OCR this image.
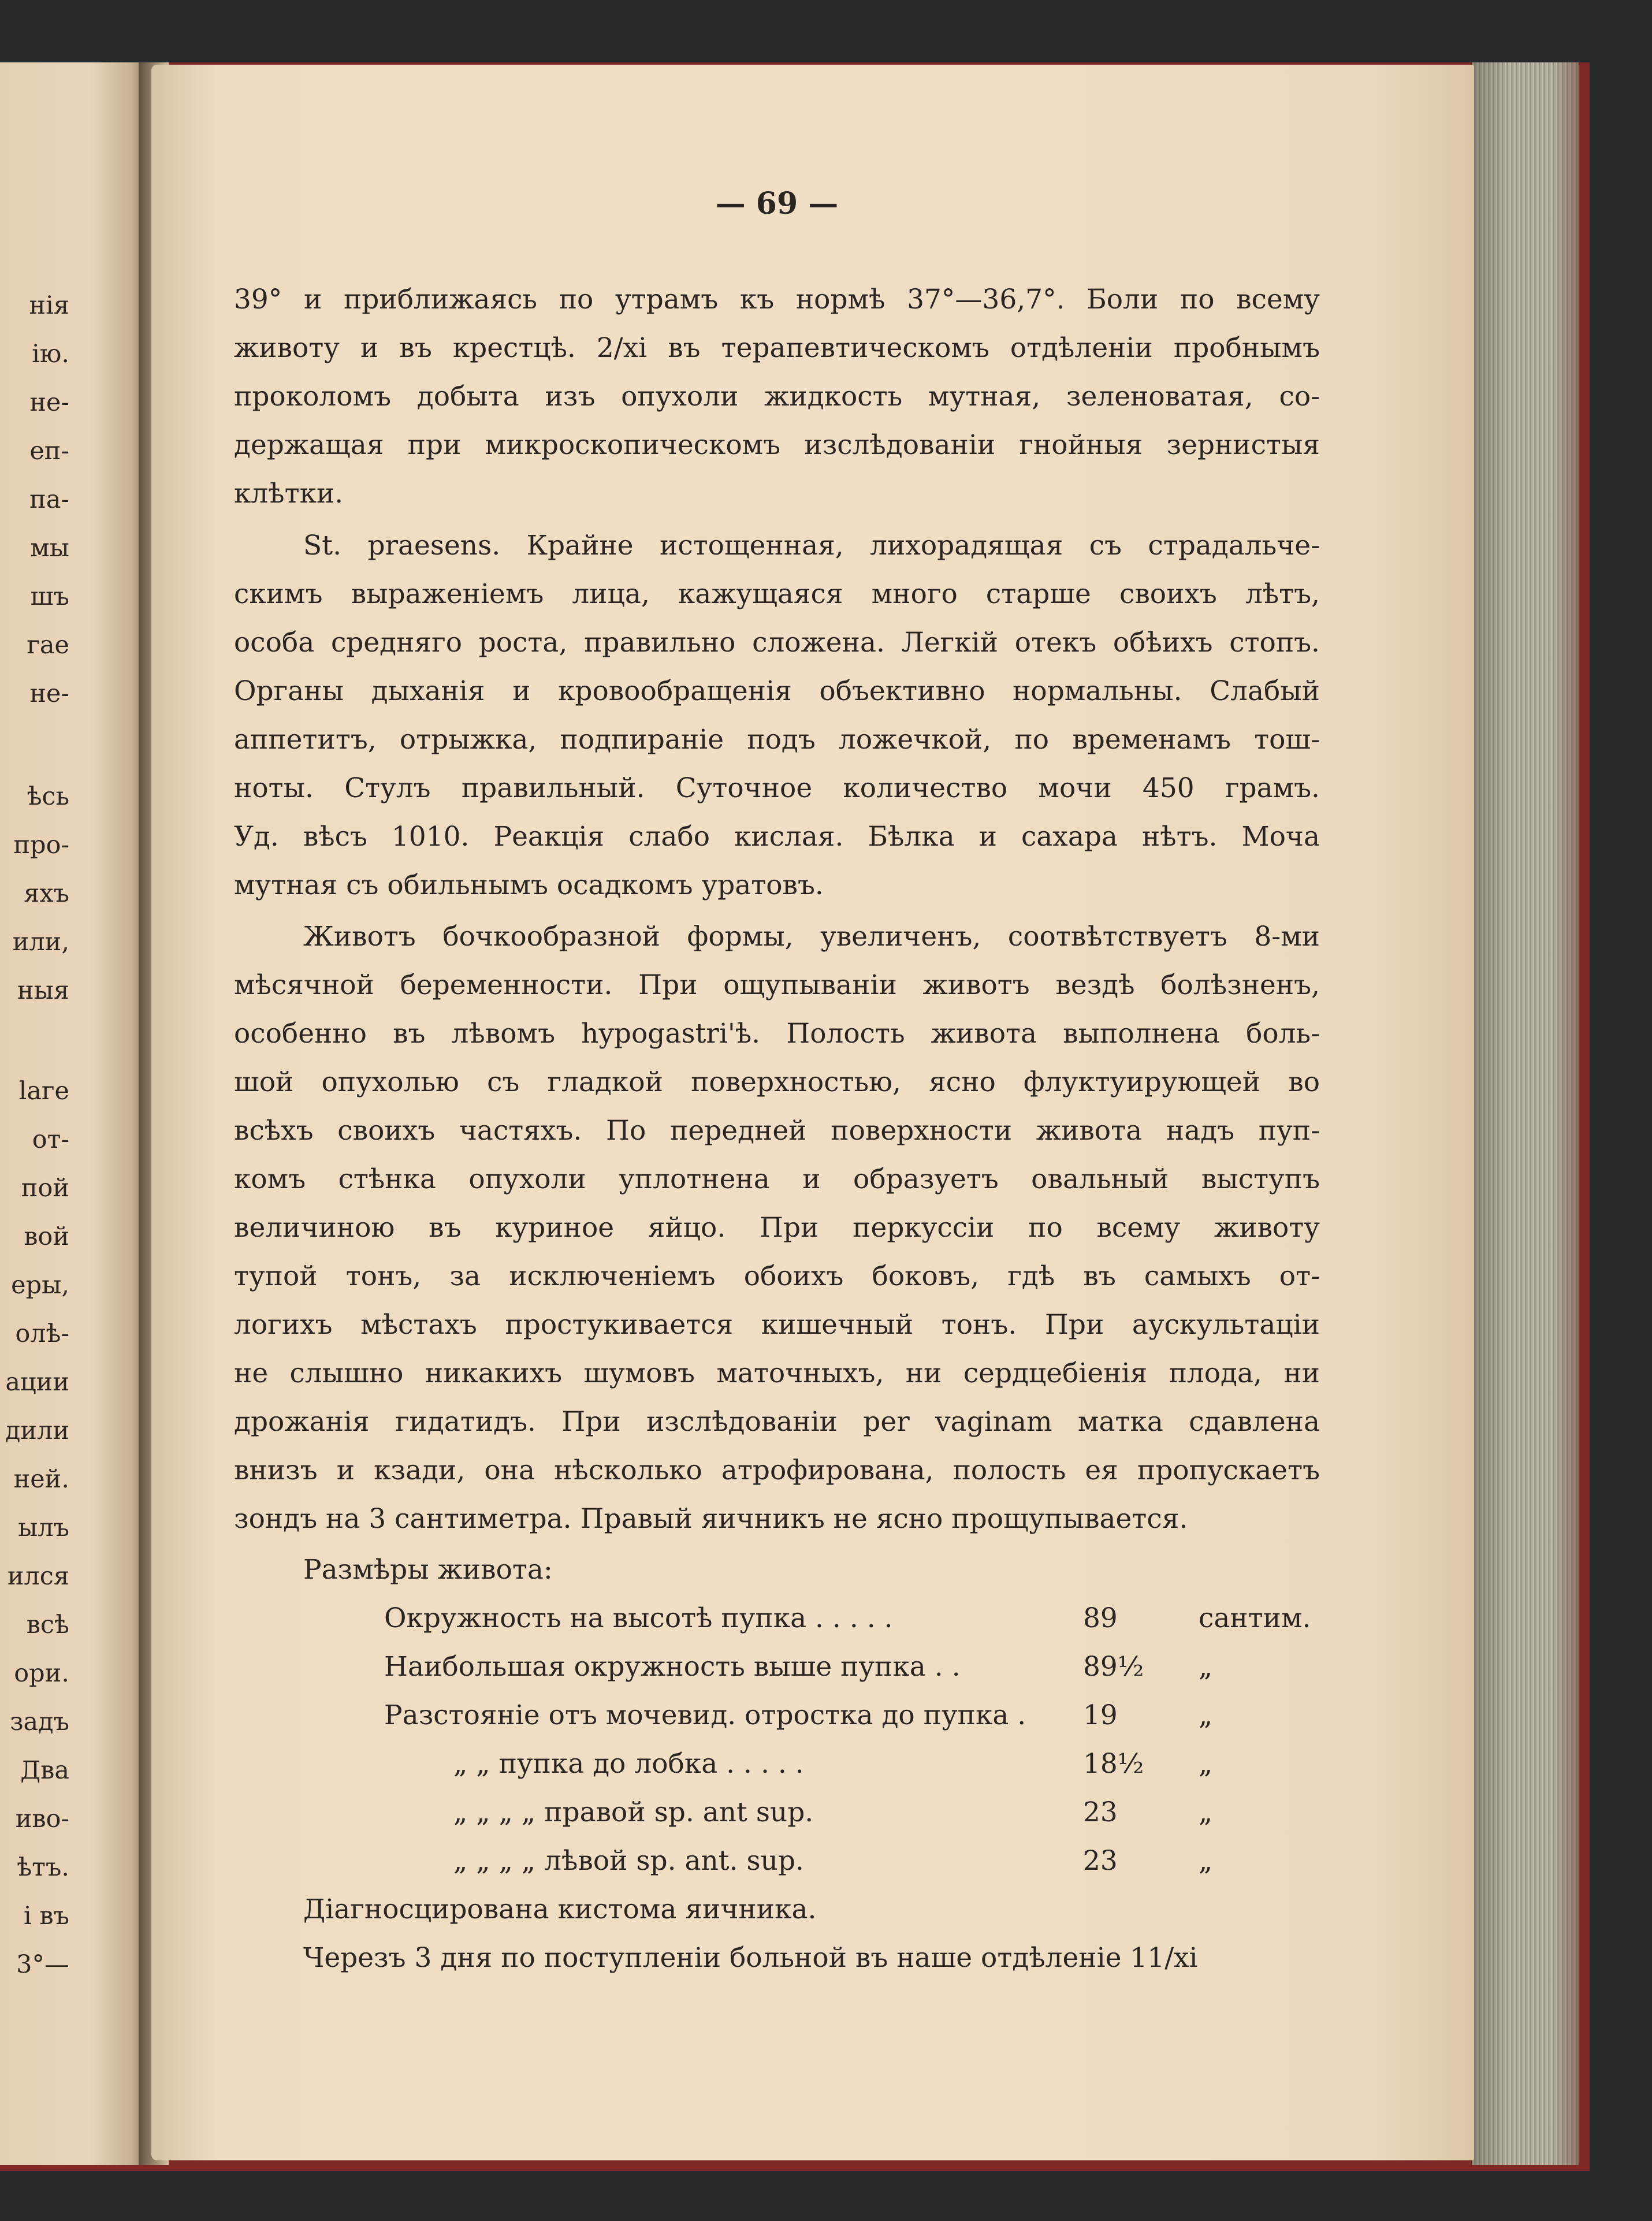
нія
ію.
не-
еп-
па-
мы
шъ
гае
не-
ѣсь
про-
яхъ
или,
ныя
laгe
от-
пой
вой
еры,
олѣ-
ации
дили
ней.
ылъ
ился
всѣ
ори.
задъ
Два
иво-
ѣтъ.
і въ
3°—
— 69 —
39° и приближаясь по утрамъ къ нормѣ 37°—36,7°. Боли по всему
животу и въ крестцѣ. 2/xi въ терапевтическомъ отдѣленіи пробнымъ
проколомъ добыта изъ опухоли жидкость мутная, зеленоватая, со-
держащая при микроскопическомъ изслѣдованіи гнойныя зернистыя
клѣтки.
St. praesens. Крайне истощенная, лихорадящая съ страдальче-
скимъ выраженіемъ лица, кажущаяся много старше своихъ лѣтъ,
особа средняго роста, правильно сложена. Легкій отекъ обѣихъ стопъ.
Органы дыханія и кровообращенія объективно нормальны. Слабый
аппетитъ, отрыжка, подпираніе подъ ложечкой, по временамъ тош-
ноты. Стулъ правильный. Суточное количество мочи 450 грамъ.
Уд. вѣсъ 1010. Реакція слабо кислая. Бѣлка и сахара нѣтъ. Моча
мутная съ обильнымъ осадкомъ уратовъ.
Животъ бочкообразной формы, увеличенъ, соотвѣтствуетъ 8-ми
мѣсячной беременности. При ощупываніи животъ вездѣ болѣзненъ,
особенно въ лѣвомъ hypogastri'ѣ. Полость живота выполнена боль-
шой опухолью съ гладкой поверхностью, ясно флуктуирующей во
всѣхъ своихъ частяхъ. По передней поверхности живота надъ пуп-
комъ стѣнка опухоли уплотнена и образуетъ овальный выступъ
величиною въ куриное яйцо. При перкуссіи по всему животу
тупой тонъ, за исключеніемъ обоихъ боковъ, гдѣ въ самыхъ от-
логихъ мѣстахъ простукивается кишечный тонъ. При аускультаціи
не слышно никакихъ шумовъ маточныхъ, ни сердцебіенія плода, ни
дрожанія гидатидъ. При изслѣдованіи per vaginam матка сдавлена
внизъ и кзади, она нѣсколько атрофирована, полость ея пропускаетъ
зондъ на 3 сантиметра. Правый яичникъ не ясно прощупывается.
Размѣры живота:
Окружность на высотѣ пупка . . . . .	89	сантим.
Наибольшая окружность выше пупка . .	89½ „
Разстояніе отъ мочевид. отростка до пупка . 19	„
„ „ пупка до лобка . . . . .	18½ „
„ „ „ „ правой sp. ant sup.	23	„
„ „ „ „ лѣвой sp. ant. sup.	23	„
Діагносцирована кистома яичника.
Черезъ 3 дня по поступленіи больной въ наше отдѣленіе 11/xi
